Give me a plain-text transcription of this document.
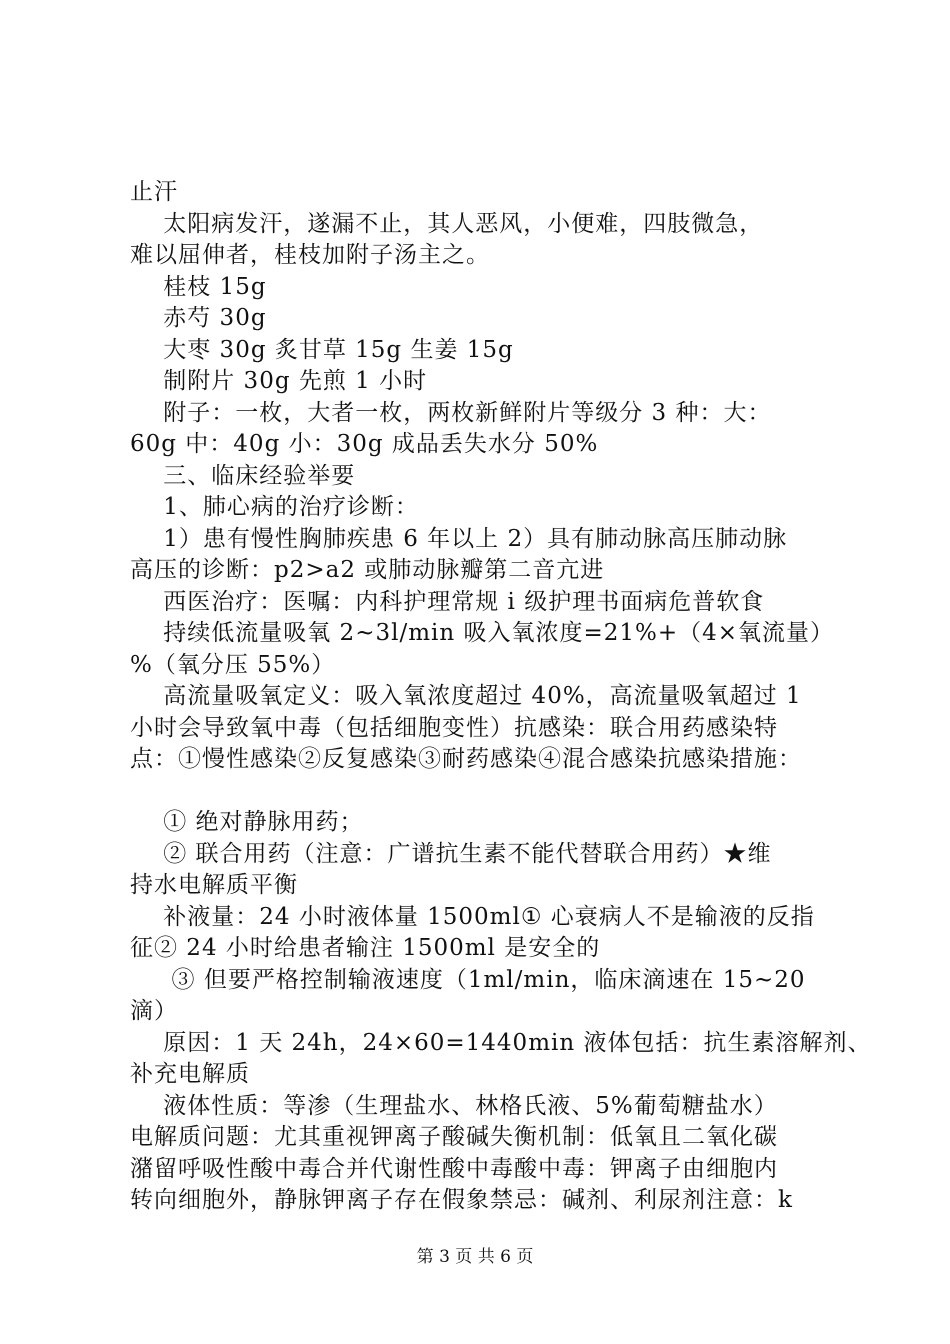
止汗
太阳病发汗，遂漏不止，其人恶风，小便难，四肢微急，
难以屈伸者，桂枝加附子汤主之。
桂枝 15g
赤芍 30g
大枣 30g 炙甘草 15g 生姜 15g
制附片 30g 先煎 1 小时
附子：一枚，大者一枚，两枚新鲜附片等级分 3 种：大：
60g 中：40g 小：30g 成品丢失水分 50%
三、临床经验举要
1、肺心病的治疗诊断：
1）患有慢性胸肺疾患 6 年以上 2）具有肺动脉高压肺动脉
高压的诊断：p2>a2 或肺动脉瓣第二音亢进
西医治疗：医嘱：内科护理常规 i 级护理书面病危普软食
持续低流量吸氧 2~3l/min 吸入氧浓度=21%+（4×氧流量）
%（氧分压 55%）
高流量吸氧定义：吸入氧浓度超过 40%，高流量吸氧超过 1
小时会导致氧中毒（包括细胞变性）抗感染：联合用药感染特
点：①慢性感染②反复感染③耐药感染④混合感染抗感染措施：
① 绝对静脉用药；
② 联合用药（注意：广谱抗生素不能代替联合用药）★维
持水电解质平衡
补液量：24 小时液体量 1500ml① 心衰病人不是输液的反指
征② 24 小时给患者输注 1500ml 是安全的
③ 但要严格控制输液速度（1ml/min，临床滴速在 15~20
滴）
原因：1 天 24h，24×60=1440min 液体包括：抗生素溶解剂、
补充电解质
液体性质：等渗（生理盐水、林格氏液、5%葡萄糖盐水）
电解质问题：尤其重视钾离子酸碱失衡机制：低氧且二氧化碳
潴留呼吸性酸中毒合并代谢性酸中毒酸中毒：钾离子由细胞内
转向细胞外，静脉钾离子存在假象禁忌：碱剂、利尿剂注意：k
第 3 页 共 6 页
